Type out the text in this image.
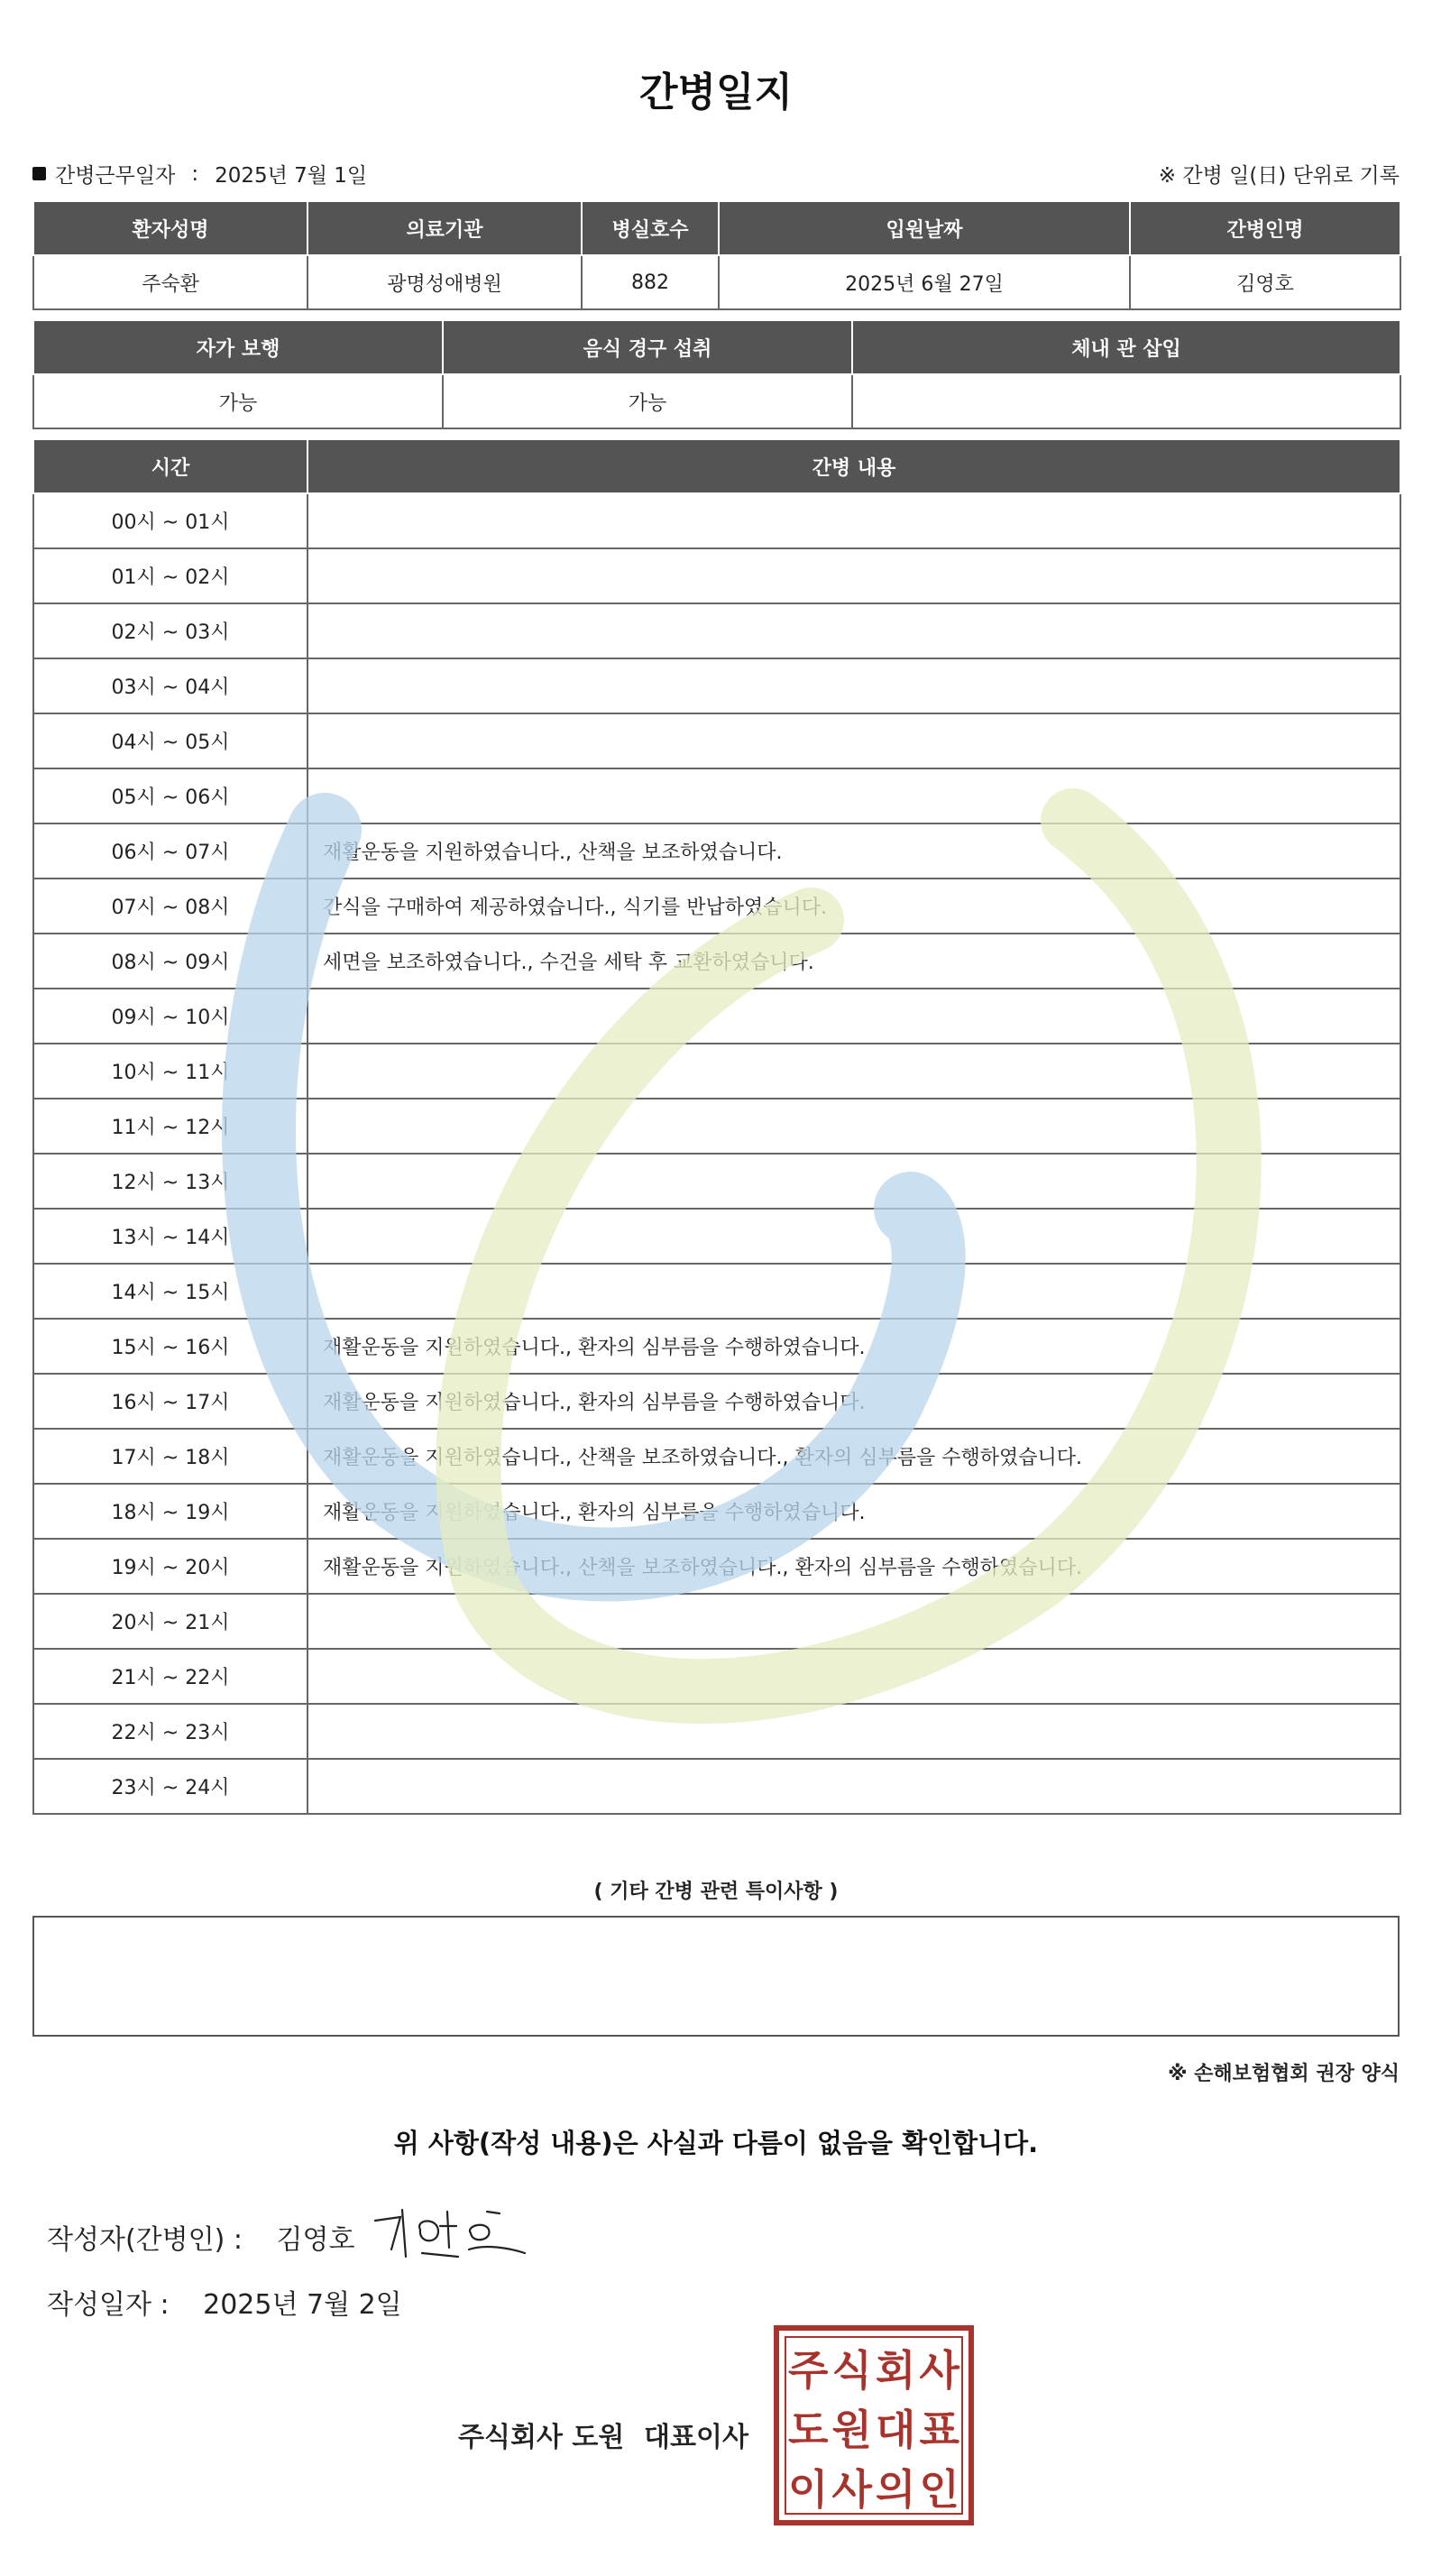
간병일지
간병근무일자 : 2025년 7월 1일	※ 간병 일(日) 단위로 기록
환자성명	의료기관	병실호수	입원날짜	간병인명
주숙환	광명성애병원	882	2025년 6월 27일	김영호
자가 보행	음식 경구 섭취	체내 관 삽입
가능	가능	
시간	간병 내용
00시 ~ 01시	
01시 ~ 02시	
02시 ~ 03시	
03시 ~ 04시	
04시 ~ 05시	
05시 ~ 06시	
06시 ~ 07시	재활운동을 지원하였습니다., 산책을 보조하였습니다.
07시 ~ 08시	간식을 구매하여 제공하였습니다., 식기를 반납하였습니다.
08시 ~ 09시	세면을 보조하였습니다., 수건을 세탁 후 교환하였습니다.
09시 ~ 10시	
10시 ~ 11시	
11시 ~ 12시	
12시 ~ 13시	
13시 ~ 14시	
14시 ~ 15시	
15시 ~ 16시	재활운동을 지원하였습니다., 환자의 심부름을 수행하였습니다.
16시 ~ 17시	재활운동을 지원하였습니다., 환자의 심부름을 수행하였습니다.
17시 ~ 18시	재활운동을 지원하였습니다., 산책을 보조하였습니다., 환자의 심부름을 수행하였습니다.
18시 ~ 19시	재활운동을 지원하였습니다., 환자의 심부름을 수행하였습니다.
19시 ~ 20시	재활운동을 지원하였습니다., 산책을 보조하였습니다., 환자의 심부름을 수행하였습니다.
20시 ~ 21시	
21시 ~ 22시	
22시 ~ 23시	
23시 ~ 24시	
( 기타 간병 관련 특이사항 )
※ 손해보험협회 권장 양식
위 사항(작성 내용)은 사실과 다름이 없음을 확인합니다.
작성자(간병인) : 김영호
작성일자 : 2025년 7월 2일
주식회사 도원 대표이사
주 식 회 사
도 원 대 표
이 사 의 인
